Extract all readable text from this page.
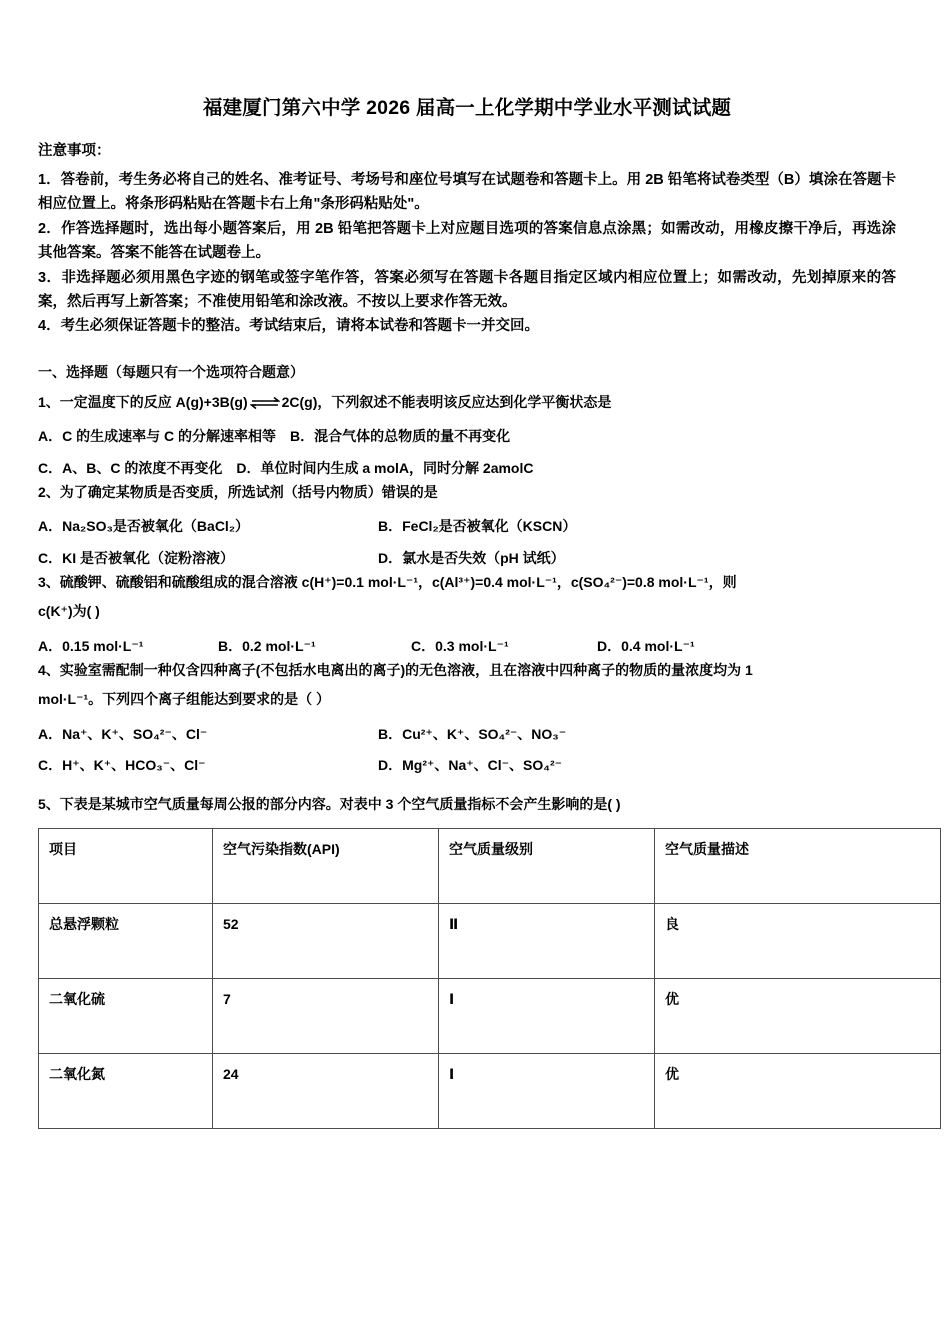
福建厦门第六中学 2026 届高一上化学期中学业水平测试试题

注意事项：

1．答卷前，考生务必将自己的姓名、准考证号、考场号和座位号填写在试题卷和答题卡上。用 2B 铅笔将试卷类型（B）填涂在答题卡相应位置上。将条形码粘贴在答题卡右上角"条形码粘贴处"。

2．作答选择题时，选出每小题答案后，用 2B 铅笔把答题卡上对应题目选项的答案信息点涂黑；如需改动，用橡皮擦干净后，再选涂其他答案。答案不能答在试题卷上。

3．非选择题必须用黑色字迹的钢笔或签字笔作答，答案必须写在答题卡各题目指定区域内相应位置上；如需改动，先划掉原来的答案，然后再写上新答案；不准使用铅笔和涂改液。不按以上要求作答无效。

4．考生必须保证答题卡的整洁。考试结束后，请将本试卷和答题卡一并交回。

一、选择题（每题只有一个选项符合题意）

1、一定温度下的反应 A(g)+3B(g) ⇌ 2C(g)，下列叙述不能表明该反应达到化学平衡状态是

A．C 的生成速率与 C 的分解速率相等 B．混合气体的总物质的量不再变化

C．A、B、C 的浓度不再变化 D．单位时间内生成 a molA，同时分解 2amolC

2、为了确定某物质是否变质，所选试剂（括号内物质）错误的是

A．Na₂SO₃是否被氧化（BaCl₂）	B．FeCl₂是否被氧化（KSCN）
C．KI 是否被氧化（淀粉溶液）	D．氯水是否失效（pH 试纸）

3、硫酸钾、硫酸铝和硫酸组成的混合溶液 c(H⁺)=0.1 mol·L⁻¹，c(Al³⁺)=0.4 mol·L⁻¹，c(SO₄²⁻)=0.8 mol·L⁻¹，则

c(K⁺)为( )

A．0.15 mol·L⁻¹	B．0.2 mol·L⁻¹	C．0.3 mol·L⁻¹	D．0.4 mol·L⁻¹

4、实验室需配制一种仅含四种离子(不包括水电离出的离子)的无色溶液，且在溶液中四种离子的物质的量浓度均为 1

mol·L⁻¹。下列四个离子组能达到要求的是（ ）

A．Na⁺、K⁺、SO₄²⁻、Cl⁻	B．Cu²⁺、K⁺、SO₄²⁻、NO₃⁻
C．H⁺、K⁺、HCO₃⁻、Cl⁻	D．Mg²⁺、Na⁺、Cl⁻、SO₄²⁻

5、下表是某城市空气质量每周公报的部分内容。对表中 3 个空气质量指标不会产生影响的是( )

项目	空气污染指数(API)	空气质量级别	空气质量描述
总悬浮颗粒	52	Ⅱ	良
二氧化硫	7	Ⅰ	优
二氧化氮	24	Ⅰ	优
